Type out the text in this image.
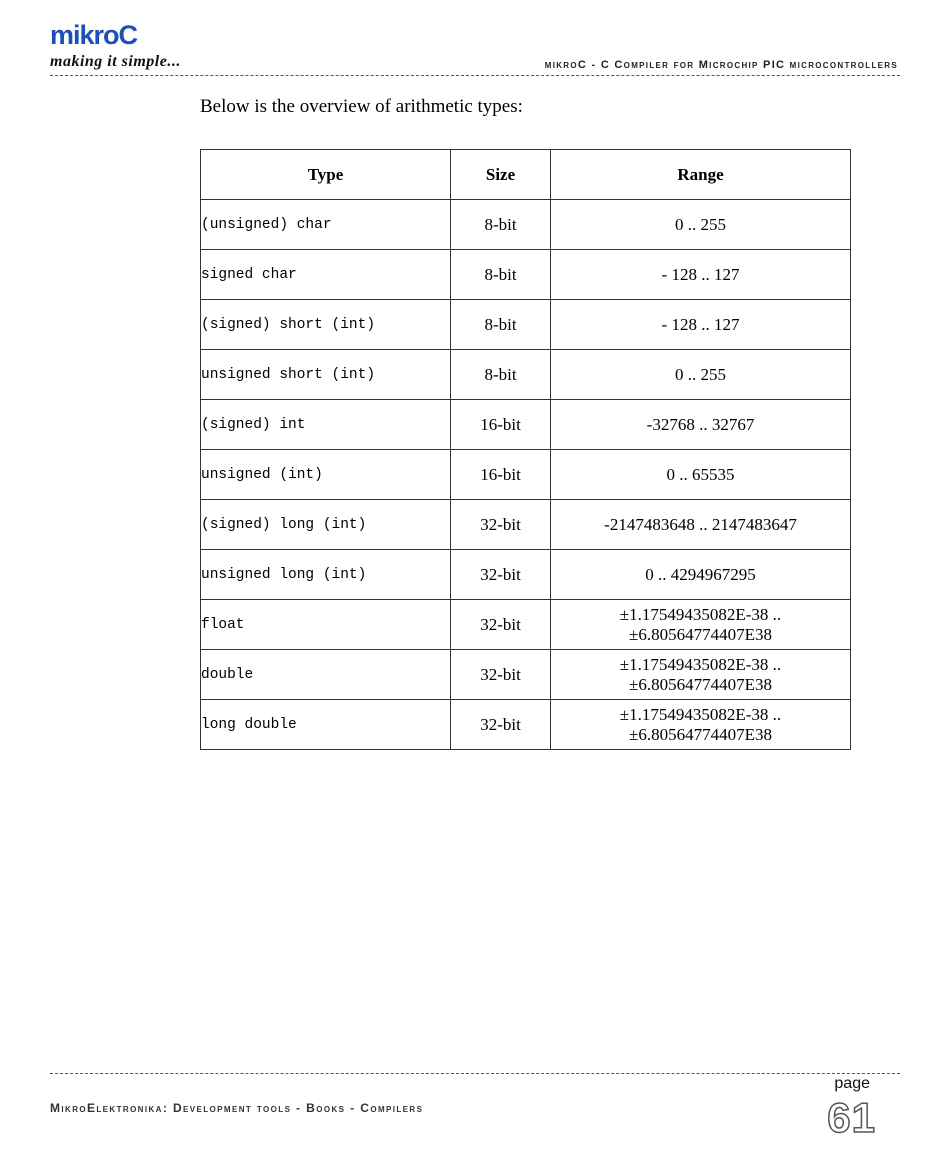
mikroC
making it simple...	mikroC - C Compiler for Microchip PIC microcontrollers
Below is the overview of arithmetic types:
Type	Size	Range
(unsigned) char	8-bit	0 .. 255

signed char	8-bit	- 128 .. 127

(signed) short (int)	8-bit	- 128 .. 127

unsigned short (int)	8-bit	0 .. 255

(signed) int	16-bit	-32768 .. 32767

unsigned (int)	16-bit	0 .. 65535

(signed) long (int)	32-bit	-2147483648 .. 2147483647

unsigned long (int)	32-bit	0 .. 4294967295

float	32-bit	±1.17549435082E-38 ..
±6.80564774407E38

double	32-bit	±1.17549435082E-38 ..
±6.80564774407E38

long double	32-bit	±1.17549435082E-38 ..
±6.80564774407E38
MikroElektronika: Development tools - Books - Compilers
page
61
